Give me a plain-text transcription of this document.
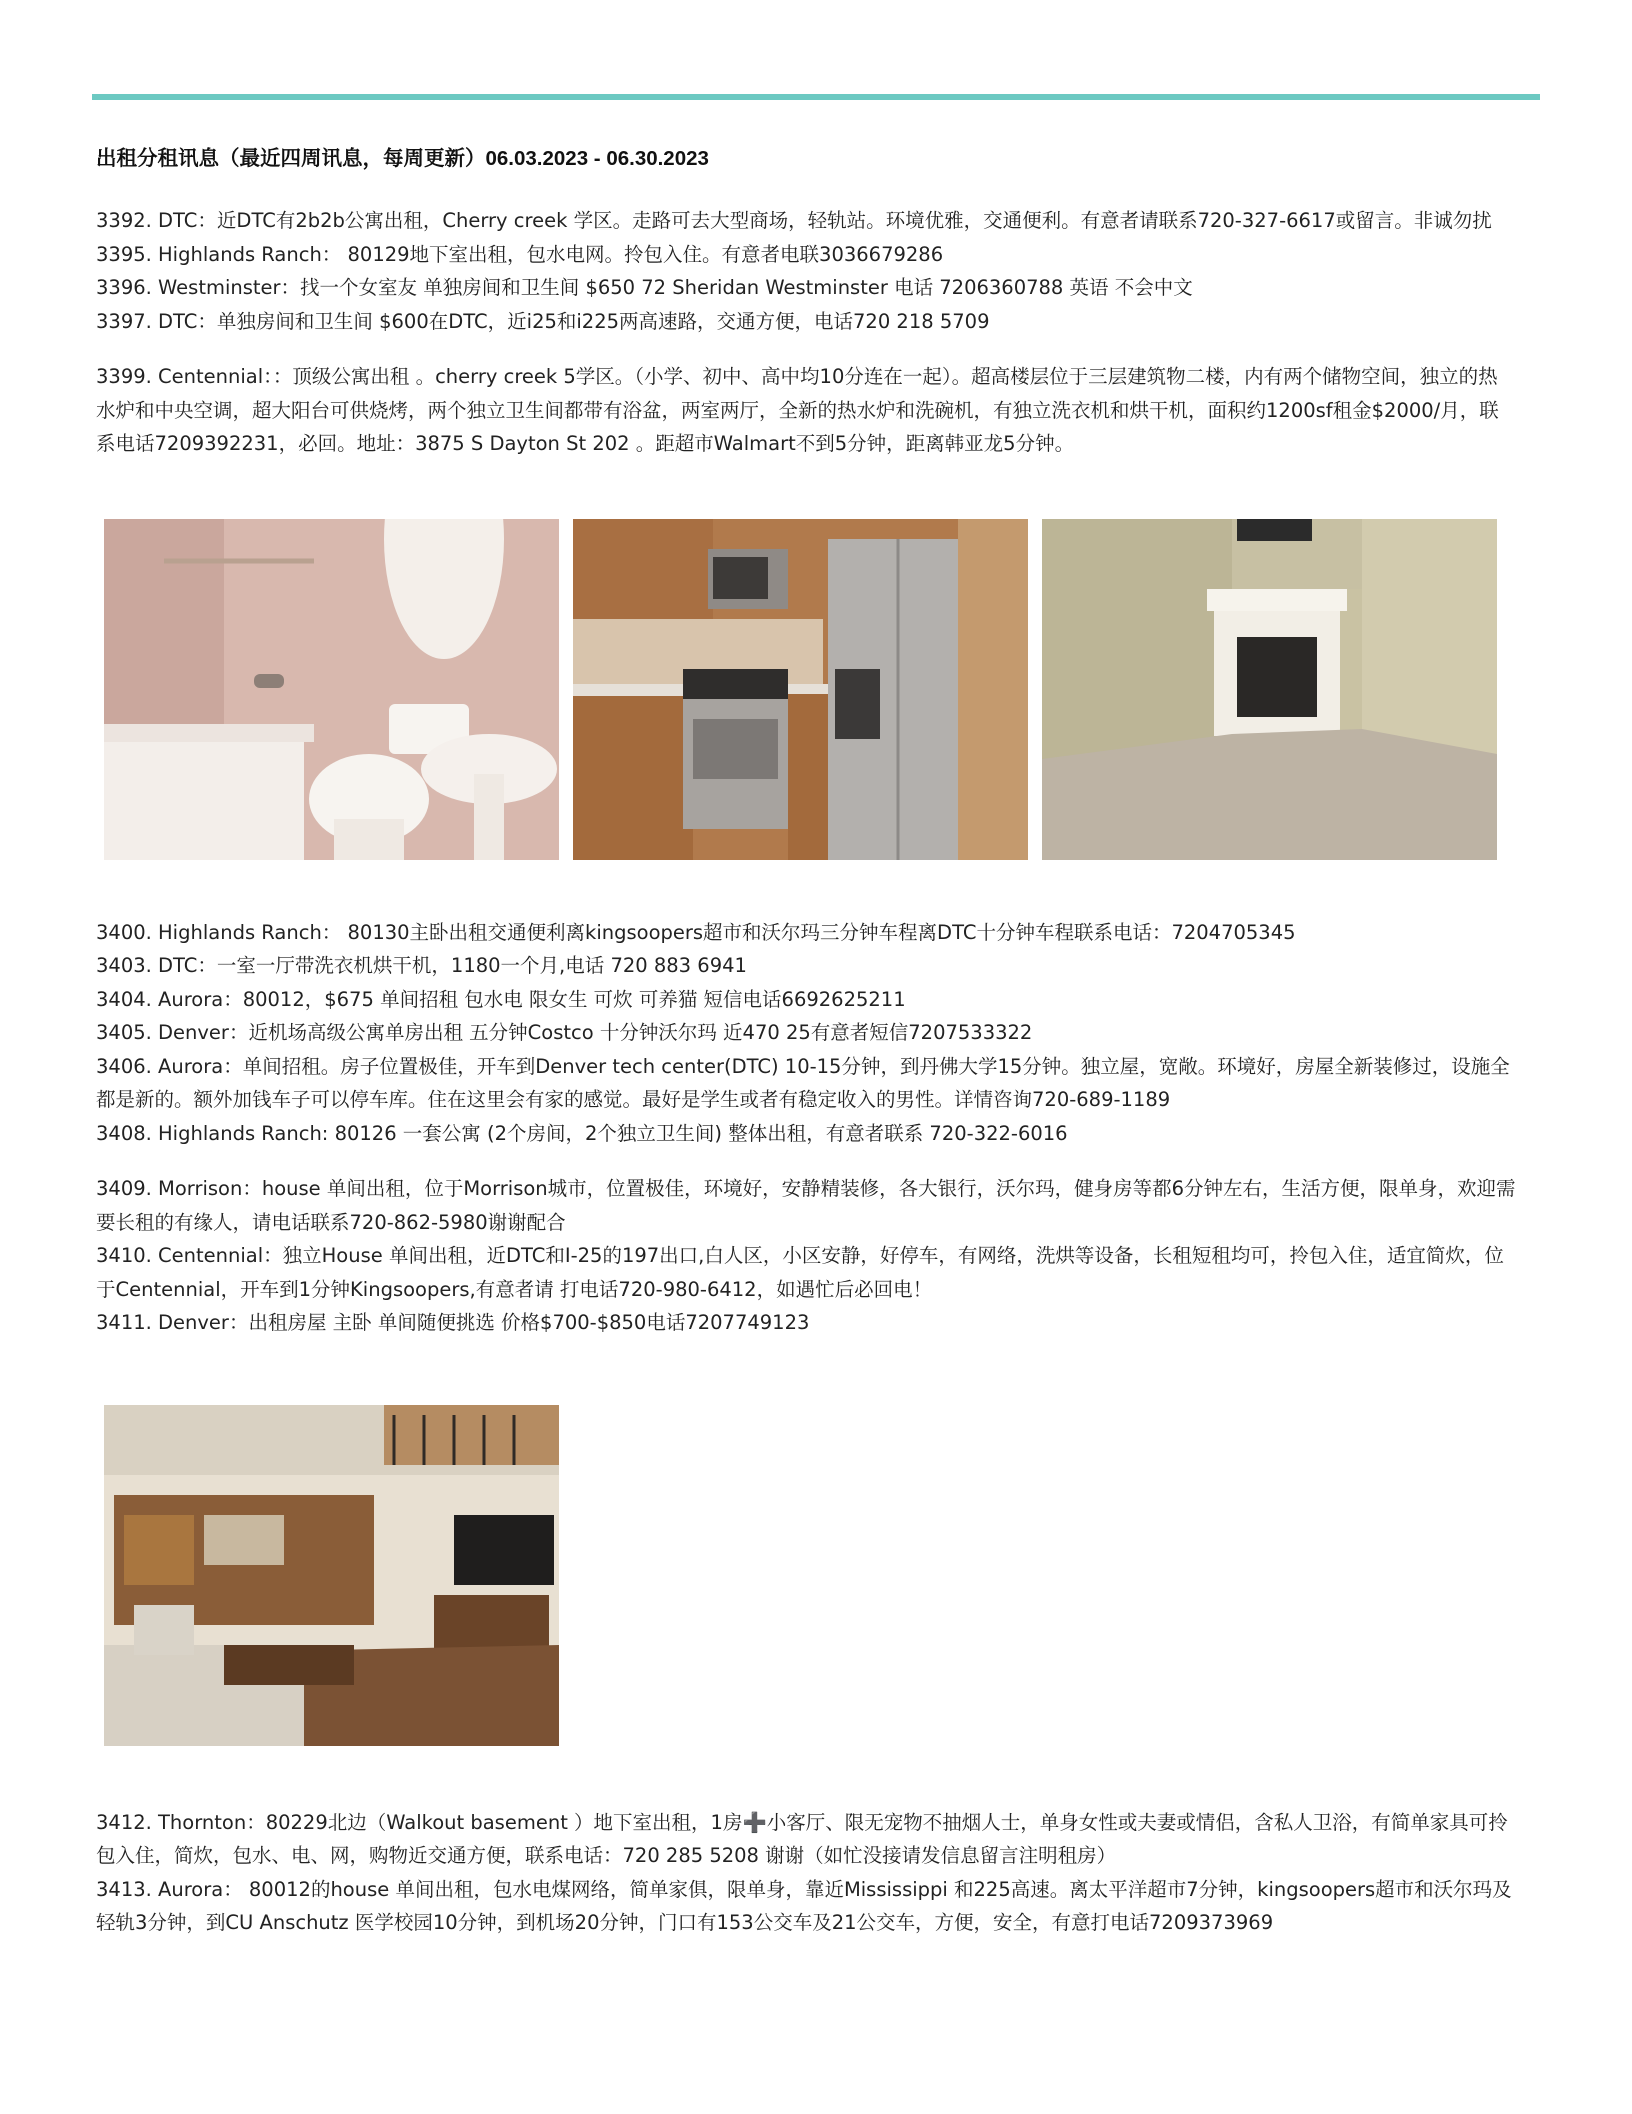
出租分租讯息（最近四周讯息，每周更新）06.03.2023 - 06.30.2023

3392. DTC：近DTC有2b2b公寓出租，Cherry creek 学区。走路可去大型商场，轻轨站。环境优雅，交通便利。有意者请联系720-327-6617或留言。非诚勿扰

3395. Highlands Ranch： 80129地下室出租，包水电网。拎包入住。有意者电联3036679286

3396. Westminster：找一个女室友 单独房间和卫生间 $650 72 Sheridan Westminster 电话 7206360788 英语 不会中文

3397. DTC：单独房间和卫生间 $600在DTC，近i25和i225两高速路，交通方便，电话720 218 5709

3399. Centennial：：顶级公寓出租 。cherry creek 5学区。（小学、初中、高中均10分连在一起）。超高楼层位于三层建筑物二楼，内有两个储物空间，独立的热水炉和中央空调，超大阳台可供烧烤，两个独立卫生间都带有浴盆，两室两厅，全新的热水炉和洗碗机，有独立洗衣机和烘干机，面积约1200sf租金$2000/月，联系电话7209392231，必回。地址：3875 S Dayton St 202 。距超市Walmart不到5分钟，距离韩亚龙5分钟。

3400. Highlands Ranch： 80130主卧出租交通便利离kingsoopers超市和沃尔玛三分钟车程离DTC十分钟车程联系电话：7204705345

3403. DTC：一室一厅带洗衣机烘干机，1180一个月,电话 720 883 6941

3404. Aurora：80012，$675 单间招租 包水电 限女生 可炊 可养猫 短信电话6692625211

3405. Denver：近机场高级公寓单房出租 五分钟Costco 十分钟沃尔玛 近470 25有意者短信7207533322

3406. Aurora：单间招租。房子位置极佳，开车到Denver tech center(DTC) 10-15分钟，到丹佛大学15分钟。独立屋，宽敞。环境好，房屋全新装修过，设施全都是新的。额外加钱车子可以停车库。住在这里会有家的感觉。最好是学生或者有稳定收入的男性。详情咨询720-689-1189

3408. Highlands Ranch: 80126 一套公寓 (2个房间，2个独立卫生间) 整体出租，有意者联系 720-322-6016

3409. Morrison：house 单间出租，位于Morrison城市，位置极佳，环境好，安静精装修，各大银行，沃尔玛，健身房等都6分钟左右，生活方便，限单身，欢迎需要长租的有缘人，请电话联系720-862-5980谢谢配合

3410. Centennial：独立House 单间出租，近DTC和I-25的197出口,白人区，小区安静，好停车，有网络，洗烘等设备，长租短租均可，拎包入住，适宜简炊，位于Centennial，开车到1分钟Kingsoopers,有意者请 打电话720-980-6412，如遇忙后必回电！

3411. Denver：出租房屋 主卧 单间随便挑选 价格$700-$850电话7207749123

3412. Thornton：80229北边（Walkout basement ）地下室出租，1房➕小客厅、限无宠物不抽烟人士，单身女性或夫妻或情侣，含私人卫浴，有简单家具可拎包入住，简炊，包水、电、网，购物近交通方便，联系电话：720 285 5208 谢谢（如忙没接请发信息留言注明租房）

3413. Aurora： 80012的house 单间出租，包水电煤网络，简单家俱，限单身，靠近Mississippi 和225高速。离太平洋超市7分钟，kingsoopers超市和沃尔玛及轻轨3分钟，到CU Anschutz 医学校园10分钟，到机场20分钟，门口有153公交车及21公交车，方便，安全，有意打电话7209373969
